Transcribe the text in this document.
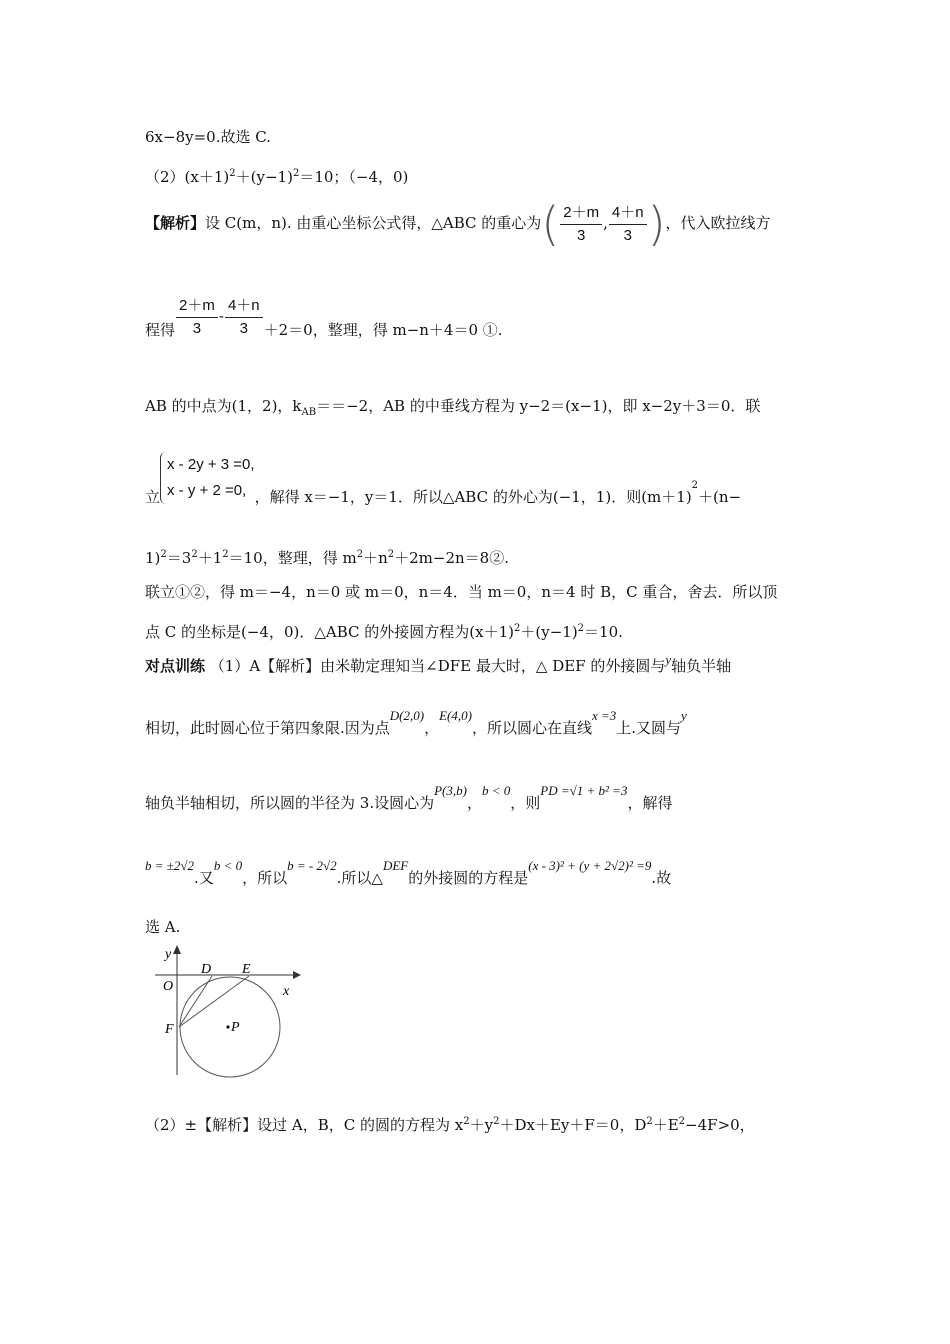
6x−8y=0.故选 C.
$(2)(x+1)^2+(y-1)^2=10$；（−4，0)
【解析】设 C(m，n). 由重心坐标公式得，△ABC 的重心为( $\frac{2+m}{3}$ , $\frac{4+n}{3}$ )，代入欧拉线方
程得 $\frac{2+m}{3} - \frac{4+n}{3} +2=0$，整理，得 m−n＋4＝0 ①.
AB 的中点为(1，2)，$k_{AB}==-2$，AB 的中垂线方程为 y−2＝(x−1)，即 x−2y＋3＝0．联
立x - 2y + 3 =0,
x - y + 2 =0, ，解得 x＝−1，y＝1．所以△ABC 的外心为(−1，1)．则$(m+1)^2+(n-$
$1)^2=3^2+1^2=10$，整理，得 $m^2+n^2+2m-2n=8②$.
联立①②，得 m＝−4，n＝0 或 m＝0，n＝4．当 m＝0，n＝4 时 B，C 重合，舍去．所以顶
点 C 的坐标是(−4，0)．△ABC 的外接圆方程为$(x+1)^2+(y-1)^2=10$.
对点训练 （1）A【解析】由米勒定理知当∠DFE 最大时，△ DEF 的外接圆与y轴负半轴
相切，此时圆心位于第四象限.因为点D(2,0)，E(4,0)，所以圆心在直线x =3上.又圆与y
轴负半轴相切，所以圆的半径为 3.设圆心为P(3,b)，b < 0，则PD =√1 + b² =3，解得
b = ±2√2.又b < 0，所以b = - 2√2.所以△DEF的外接圆的方程是(x - 3)² + (y + 2√2)² =9.故
选 A.
y
x
O
D E
F	P
（2）±【解析】设过 A，B，C 的圆的方程为 $x^2+y^2+Dx+Ey+F=0$，$D^2+E^2-4F>0$，
